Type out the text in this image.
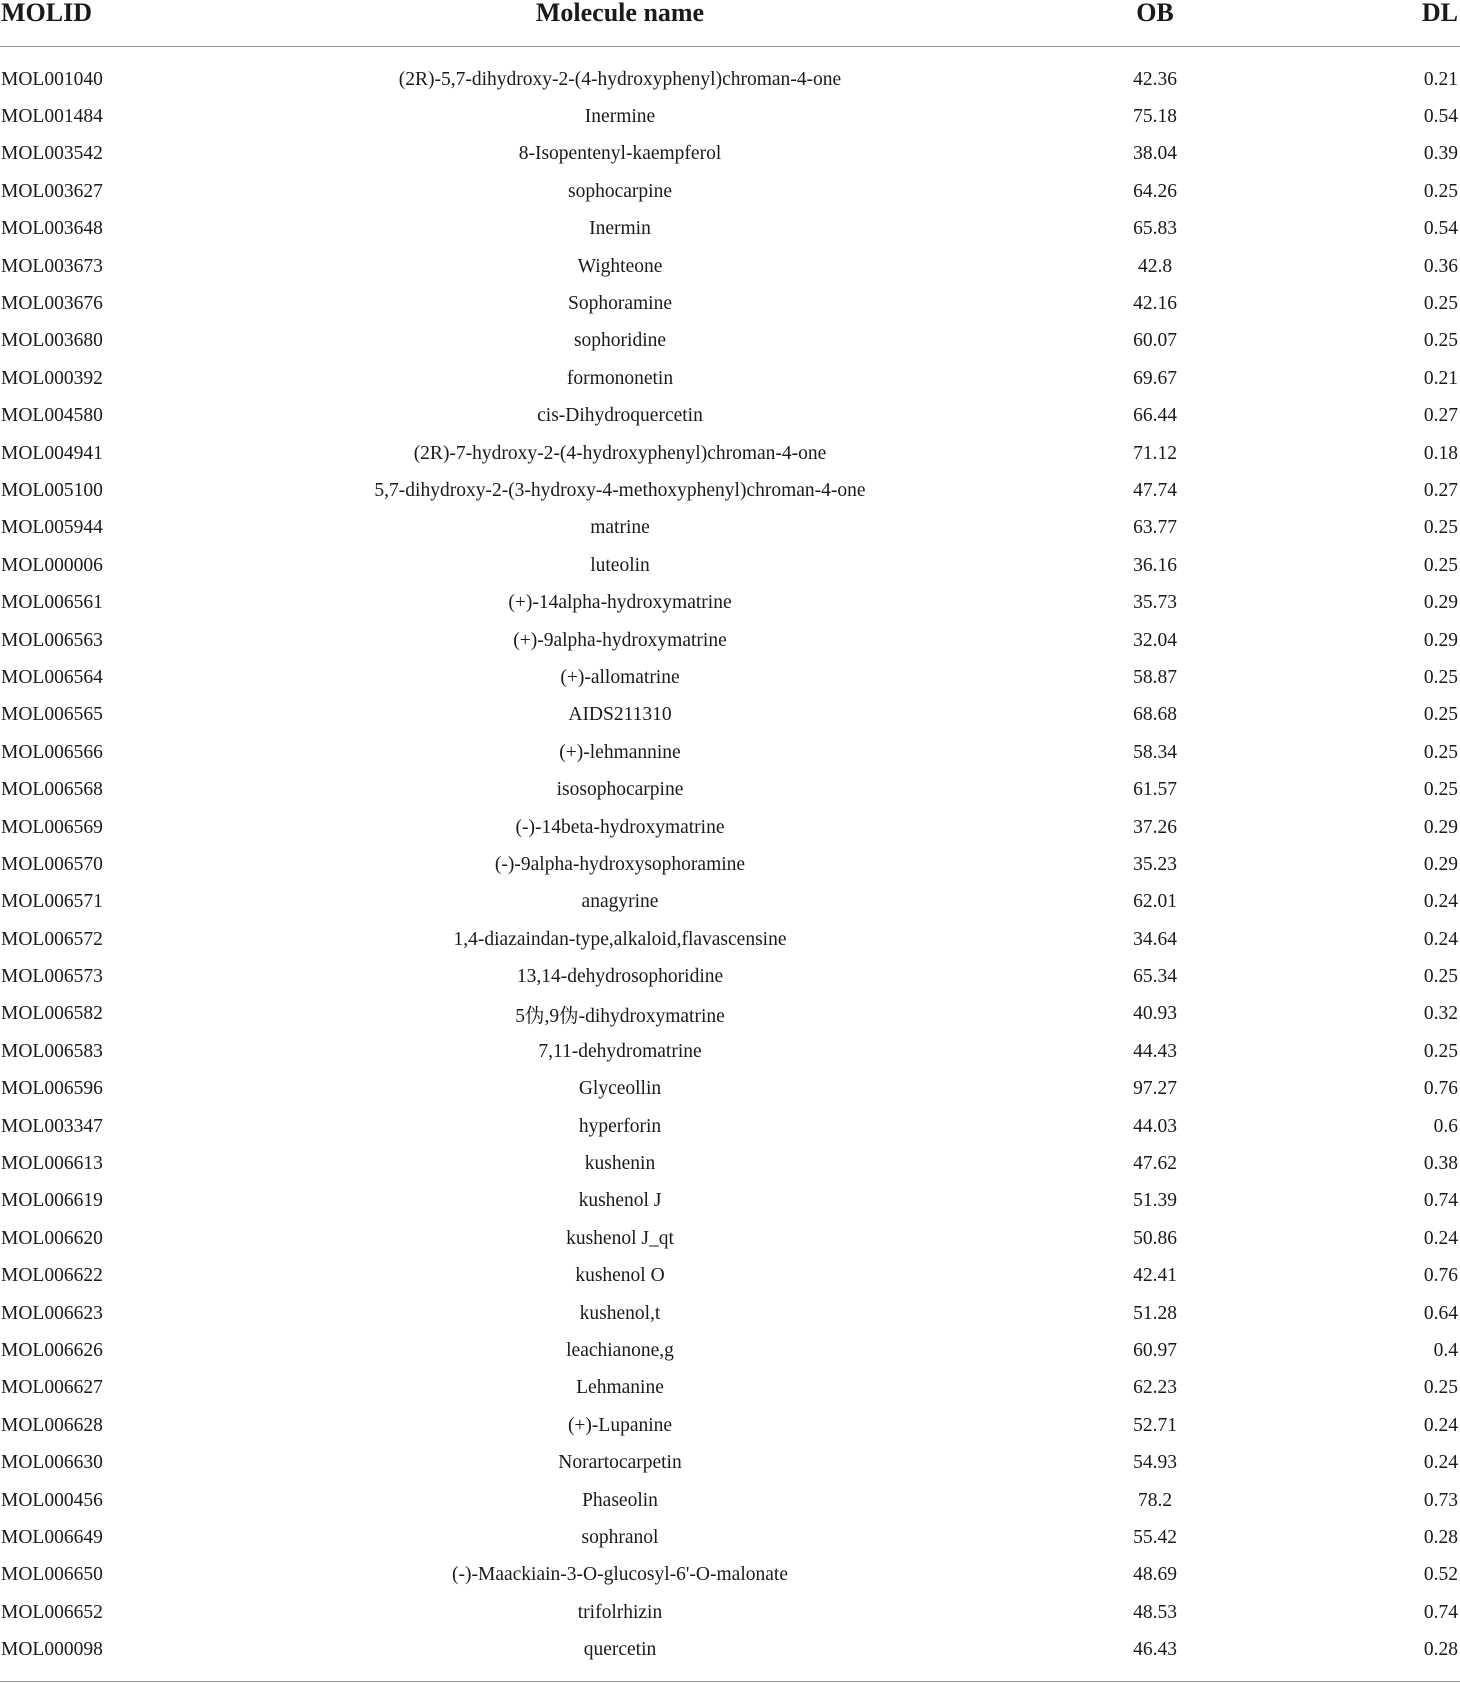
MOLID	Molecule name	OB	DL

MOL001040	(2R)-5,7-dihydroxy-2-(4-hydroxyphenyl)chroman-4-one	42.36	0.21
MOL001484	Inermine	75.18	0.54
MOL003542	8-Isopentenyl-kaempferol	38.04	0.39
MOL003627	sophocarpine	64.26	0.25
MOL003648	Inermin	65.83	0.54
MOL003673	Wighteone	42.8	0.36
MOL003676	Sophoramine	42.16	0.25
MOL003680	sophoridine	60.07	0.25
MOL000392	formononetin	69.67	0.21
MOL004580	cis-Dihydroquercetin	66.44	0.27
MOL004941	(2R)-7-hydroxy-2-(4-hydroxyphenyl)chroman-4-one	71.12	0.18
MOL005100	5,7-dihydroxy-2-(3-hydroxy-4-methoxyphenyl)chroman-4-one	47.74	0.27
MOL005944	matrine	63.77	0.25
MOL000006	luteolin	36.16	0.25
MOL006561	(+)-14alpha-hydroxymatrine	35.73	0.29
MOL006563	(+)-9alpha-hydroxymatrine	32.04	0.29
MOL006564	(+)-allomatrine	58.87	0.25
MOL006565	AIDS211310	68.68	0.25
MOL006566	(+)-lehmannine	58.34	0.25
MOL006568	isosophocarpine	61.57	0.25
MOL006569	(-)-14beta-hydroxymatrine	37.26	0.29
MOL006570	(-)-9alpha-hydroxysophoramine	35.23	0.29
MOL006571	anagyrine	62.01	0.24
MOL006572	1,4-diazaindan-type,alkaloid,flavascensine	34.64	0.24
MOL006573	13,14-dehydrosophoridine	65.34	0.25
MOL006582	5伪,9伪-dihydroxymatrine	40.93	0.32
MOL006583	7,11-dehydromatrine	44.43	0.25
MOL006596	Glyceollin	97.27	0.76
MOL003347	hyperforin	44.03	0.6
MOL006613	kushenin	47.62	0.38
MOL006619	kushenol J	51.39	0.74
MOL006620	kushenol J_qt	50.86	0.24
MOL006622	kushenol O	42.41	0.76
MOL006623	kushenol,t	51.28	0.64
MOL006626	leachianone,g	60.97	0.4
MOL006627	Lehmanine	62.23	0.25
MOL006628	(+)-Lupanine	52.71	0.24
MOL006630	Norartocarpetin	54.93	0.24
MOL000456	Phaseolin	78.2	0.73
MOL006649	sophranol	55.42	0.28
MOL006650	(-)-Maackiain-3-O-glucosyl-6'-O-malonate	48.69	0.52
MOL006652	trifolrhizin	48.53	0.74
MOL000098	quercetin	46.43	0.28
